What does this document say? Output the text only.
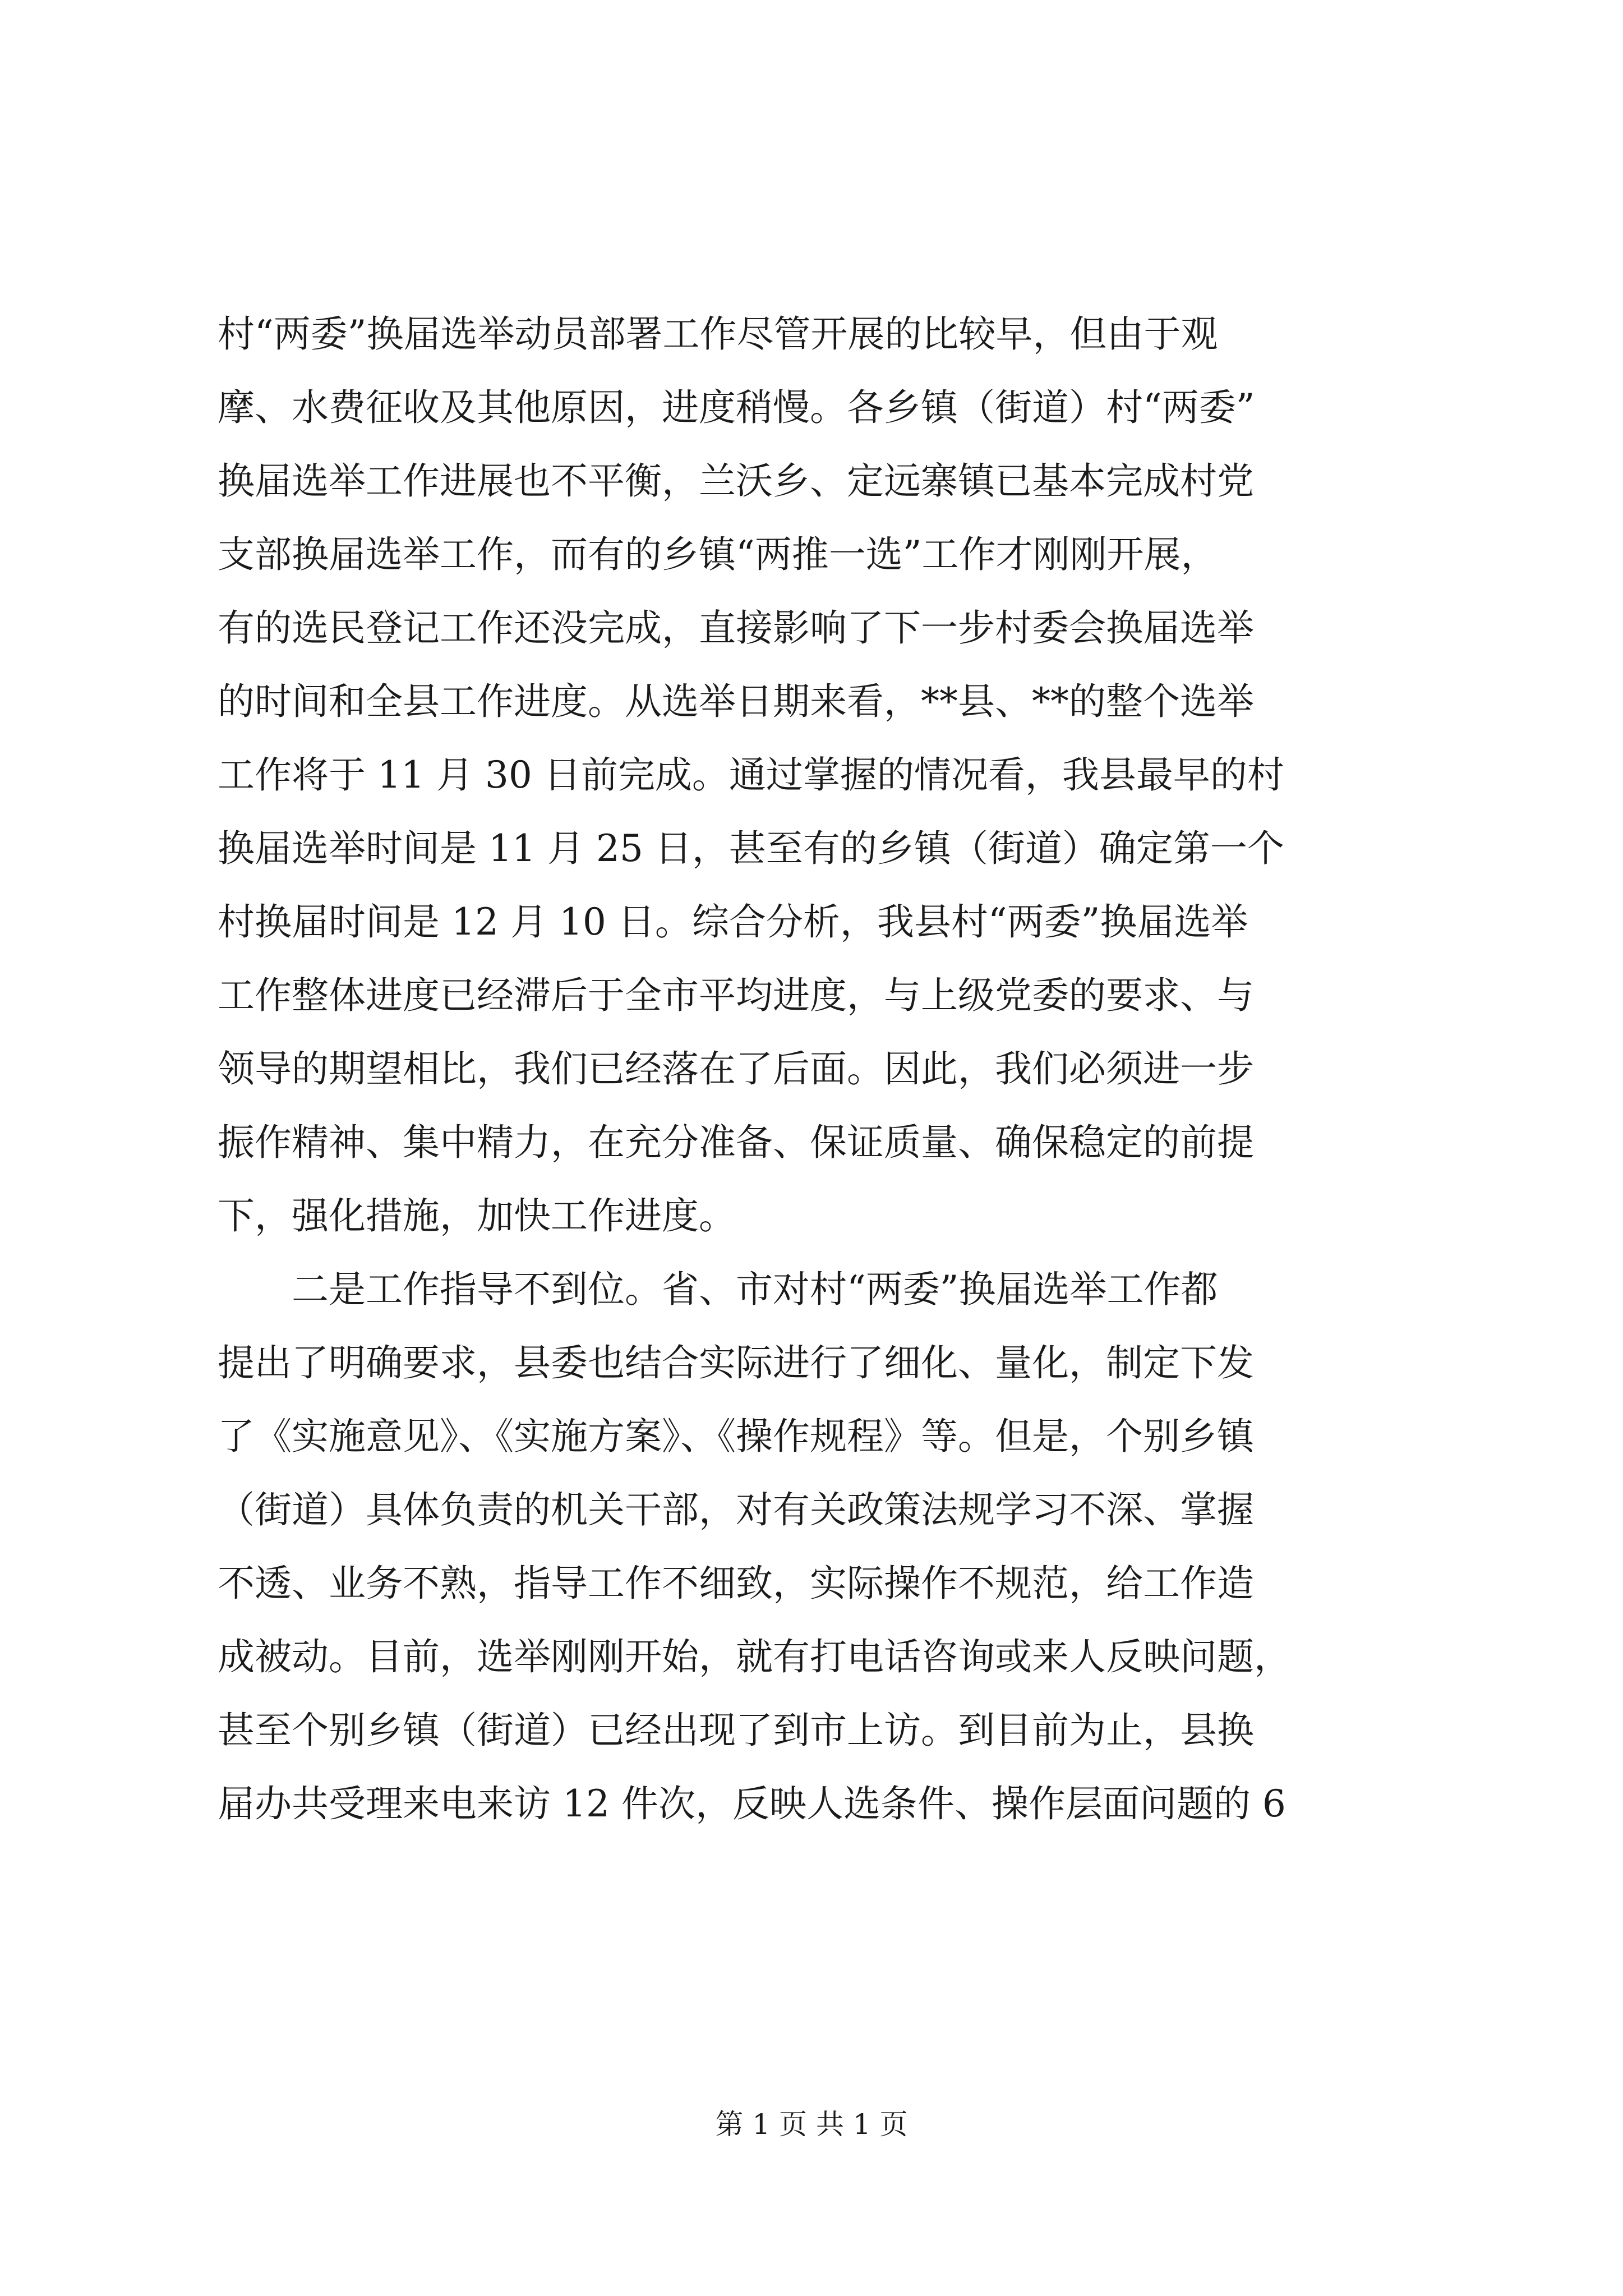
村“两委”换届选举动员部署工作尽管开展的比较早，但由于观
摩、水费征收及其他原因，进度稍慢。各乡镇（街道）村“两委”
换届选举工作进展也不平衡，兰沃乡、定远寨镇已基本完成村党
支部换届选举工作，而有的乡镇“两推一选”工作才刚刚开展，
有的选民登记工作还没完成，直接影响了下一步村委会换届选举
的时间和全县工作进度。从选举日期来看，**县、**的整个选举
工作将于 11 月 30 日前完成。通过掌握的情况看，我县最早的村
换届选举时间是 11 月 25 日，甚至有的乡镇（街道）确定第一个
村换届时间是 12 月 10 日。综合分析，我县村“两委”换届选举
工作整体进度已经滞后于全市平均进度，与上级党委的要求、与
领导的期望相比，我们已经落在了后面。因此，我们必须进一步
振作精神、集中精力，在充分准备、保证质量、确保稳定的前提
下，强化措施，加快工作进度。
　　二是工作指导不到位。省、市对村“两委”换届选举工作都
提出了明确要求，县委也结合实际进行了细化、量化，制定下发
了《实施意见》、《实施方案》、《操作规程》等。但是，个别乡镇
（街道）具体负责的机关干部，对有关政策法规学习不深、掌握
不透、业务不熟，指导工作不细致，实际操作不规范，给工作造
成被动。目前，选举刚刚开始，就有打电话咨询或来人反映问题，
甚至个别乡镇（街道）已经出现了到市上访。到目前为止，县换
届办共受理来电来访 12 件次，反映人选条件、操作层面问题的 6
第 1 页 共 1 页
